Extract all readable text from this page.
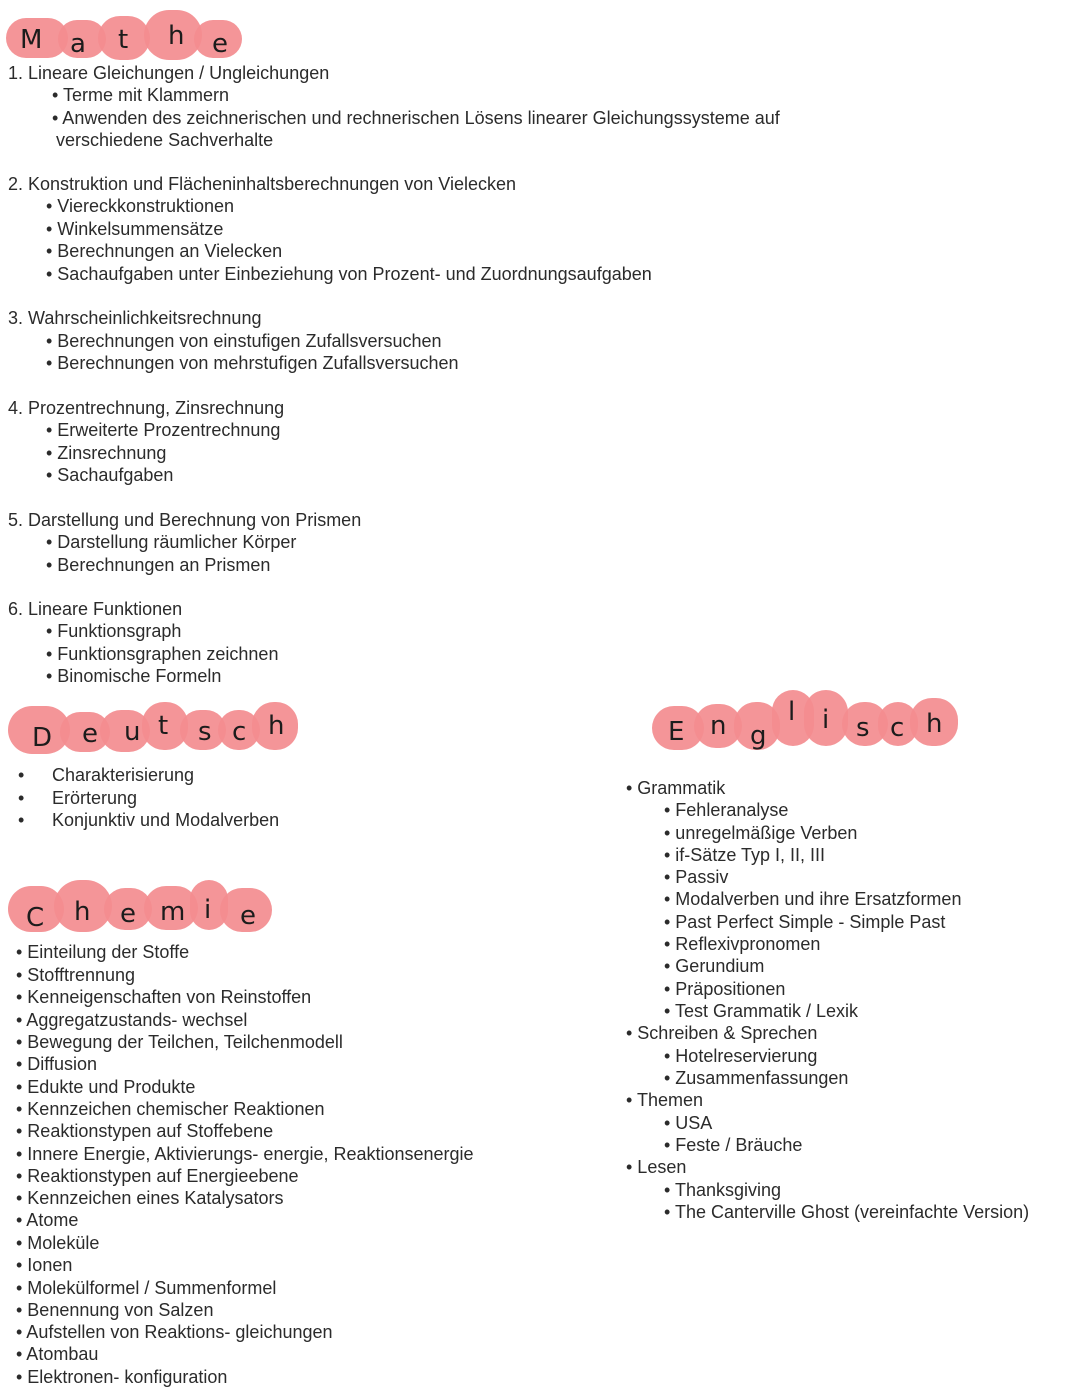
M a t h e
1. Lineare Gleichungen / Ungleichungen
• Terme mit Klammern
• Anwenden des zeichnerischen und rechnerischen Lösens linearer Gleichungssysteme auf
verschiedene Sachverhalte
2. Konstruktion und Flächeninhaltsberechnungen von Vielecken
• Viereckkonstruktionen
• Winkelsummensätze
• Berechnungen an Vielecken
• Sachaufgaben unter Einbeziehung von Prozent- und Zuordnungsaufgaben
3. Wahrscheinlichkeitsrechnung
• Berechnungen von einstufigen Zufallsversuchen
• Berechnungen von mehrstufigen Zufallsversuchen
4. Prozentrechnung, Zinsrechnung
• Erweiterte Prozentrechnung
• Zinsrechnung
• Sachaufgaben
5. Darstellung und Berechnung von Prismen
• Darstellung räumlicher Körper
• Berechnungen an Prismen
6. Lineare Funktionen
• Funktionsgraph
• Funktionsgraphen zeichnen
• Binomische Formeln
D e u t s c h
• Charakterisierung
• Erörterung
• Konjunktiv und Modalverben
C h e m i e
• Einteilung der Stoffe
• Stofftrennung
• Kenneigenschaften von Reinstoffen
• Aggregatzustands- wechsel
• Bewegung der Teilchen, Teilchenmodell
• Diffusion
• Edukte und Produkte
• Kennzeichen chemischer Reaktionen
• Reaktionstypen auf Stoffebene
• Innere Energie, Aktivierungs- energie, Reaktionsenergie
• Reaktionstypen auf Energieebene
• Kennzeichen eines Katalysators
• Atome
• Moleküle
• Ionen
• Molekülformel / Summenformel
• Benennung von Salzen
• Aufstellen von Reaktions- gleichungen
• Atombau
• Elektronen- konfiguration
E n g
l i s c h
• Grammatik
• Fehleranalyse
• unregelmäßige Verben
• if-Sätze Typ I, II, III
• Passiv
• Modalverben und ihre Ersatzformen
• Past Perfect Simple - Simple Past
• Reflexivpronomen
• Gerundium
• Präpositionen
• Test Grammatik / Lexik
• Schreiben & Sprechen
• Hotelreservierung
• Zusammenfassungen
• Themen
• USA
• Feste / Bräuche
• Lesen
• Thanksgiving
• The Canterville Ghost (vereinfachte Version)
